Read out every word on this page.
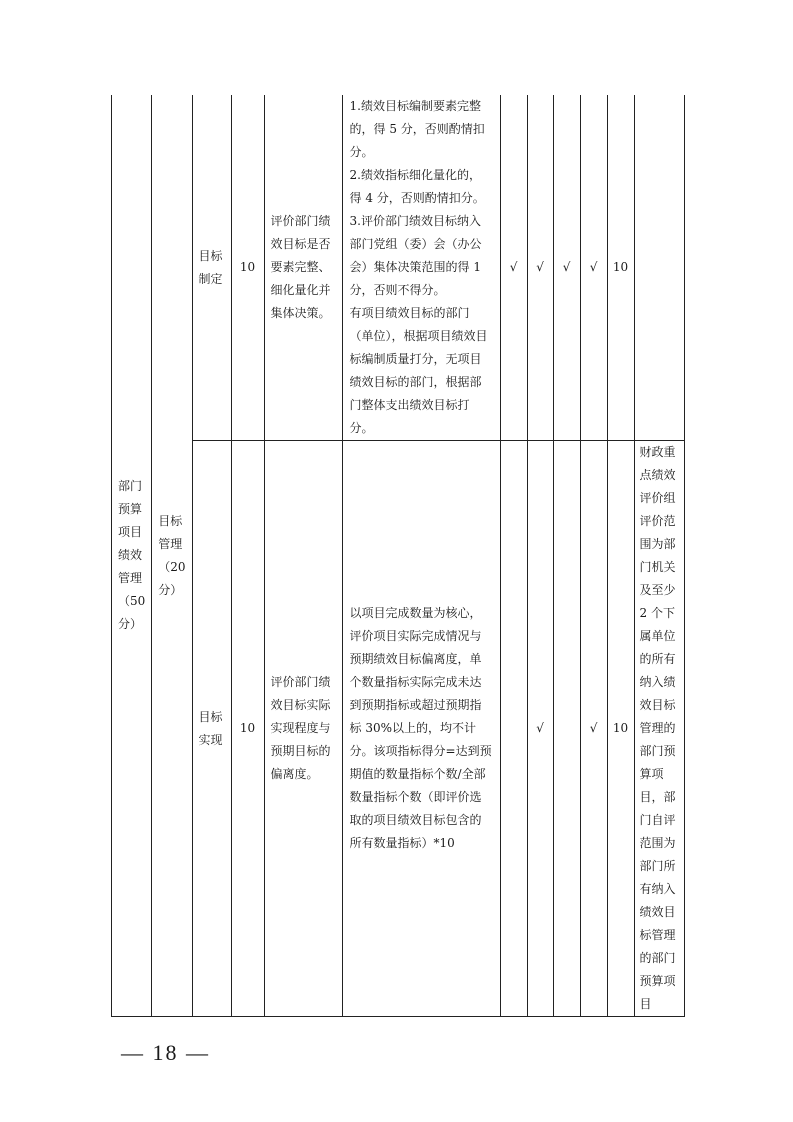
部门预算项目绩效管理（50分）	目标管理（20分）	目标制定	10	评价部门绩效目标是否要素完整、细化量化并集体决策。	1.绩效目标编制要素完整的，得 5 分，否则酌情扣分。

2.绩效指标细化量化的，得 4 分，否则酌情扣分。

3.评价部门绩效目标纳入部门党组（委）会（办公会）集体决策范围的得 1 分，否则不得分。

有项目绩效目标的部门（单位），根据项目绩效目标编制质量打分，无项目绩效目标的部门，根据部门整体支出绩效目标打分。	√	√	√	√	10	

		目标实现	10	评价部门绩效目标实际实现程度与预期目标的偏离度。	以项目完成数量为核心，评价项目实际完成情况与预期绩效目标偏离度，单个数量指标实际完成未达到预期指标或超过预期指标 30%以上的，均不计分。该项指标得分=达到预期值的数量指标个数/全部数量指标个数（即评价选取的项目绩效目标包含的所有数量指标）*10		√		√	10	财政重点绩效评价组评价范围为部门机关及至少 2 个下属单位的所有纳入绩效目标管理的部门预算项目，部门自评范围为部门所有纳入绩效目标管理的部门预算项目
— 18 —
